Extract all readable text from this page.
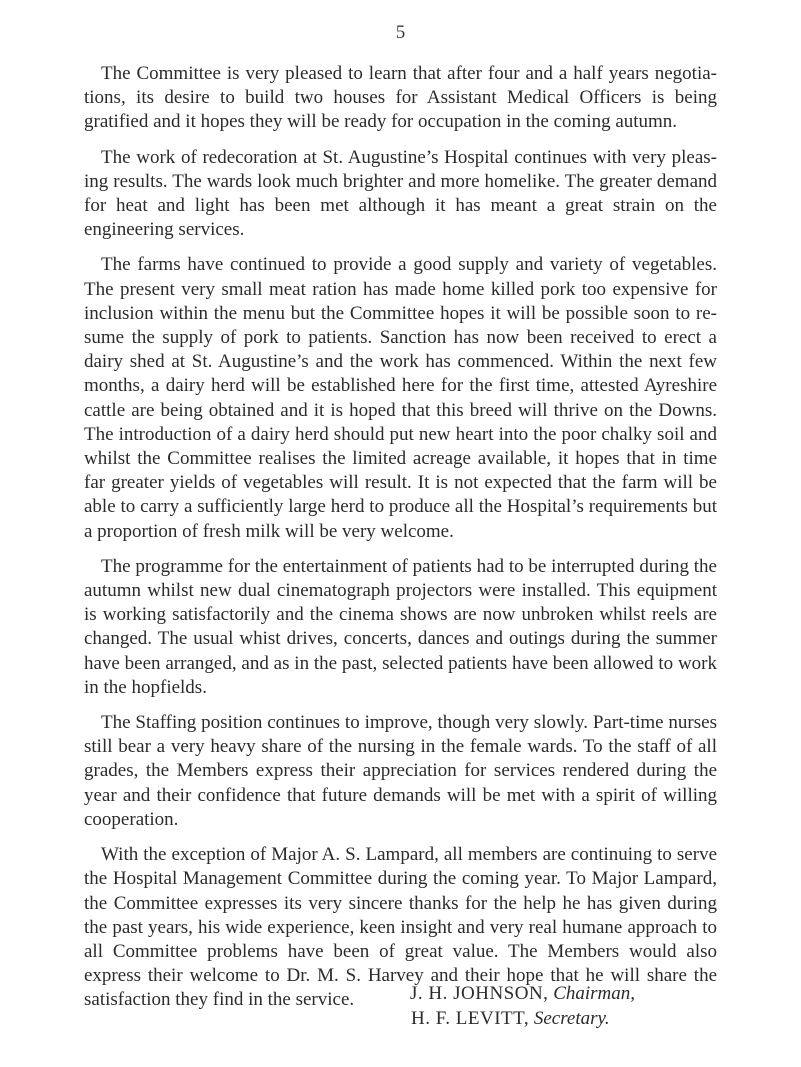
5

The Committee is very pleased to learn that after four and a half years negotiations, its desire to build two houses for Assistant Medical Officers is being gratified and it hopes they will be ready for occupation in the coming autumn.

The work of redecoration at St. Augustine’s Hospital continues with very pleasing results. The wards look much brighter and more homelike. The greater demand for heat and light has been met although it has meant a great strain on the engineering services.

The farms have continued to provide a good supply and variety of vegetables. The present very small meat ration has made home killed pork too expensive for inclusion within the menu but the Committee hopes it will be possible soon to resume the supply of pork to patients. Sanction has now been received to erect a dairy shed at St. Augustine’s and the work has commenced. Within the next few months, a dairy herd will be established here for the first time, attested Ayreshire cattle are being obtained and it is hoped that this breed will thrive on the Downs. The introduction of a dairy herd should put new heart into the poor chalky soil and whilst the Committee realises the limited acreage available, it hopes that in time far greater yields of vegetables will result. It is not expected that the farm will be able to carry a sufficiently large herd to produce all the Hospital’s requirements but a proportion of fresh milk will be very welcome.

The programme for the entertainment of patients had to be interrupted during the autumn whilst new dual cinematograph projectors were installed. This equipment is working satisfactorily and the cinema shows are now unbroken whilst reels are changed. The usual whist drives, concerts, dances and outings during the summer have been arranged, and as in the past, selected patients have been allowed to work in the hopfields.

The Staffing position continues to improve, though very slowly. Part-time nurses still bear a very heavy share of the nursing in the female wards. To the staff of all grades, the Members express their appreciation for services rendered during the year and their confidence that future demands will be met with a spirit of willing cooperation.

With the exception of Major A. S. Lampard, all members are continuing to serve the Hospital Management Committee during the coming year. To Major Lampard, the Committee expresses its very sincere thanks for the help he has given during the past years, his wide experience, keen insight and very real humane approach to all Committee problems have been of great value. The Members would also express their welcome to Dr. M. S. Harvey and their hope that he will share the satisfaction they find in the service.	J. H. JOHNSON, Chairman,
H. F. LEVITT, Secretary.
